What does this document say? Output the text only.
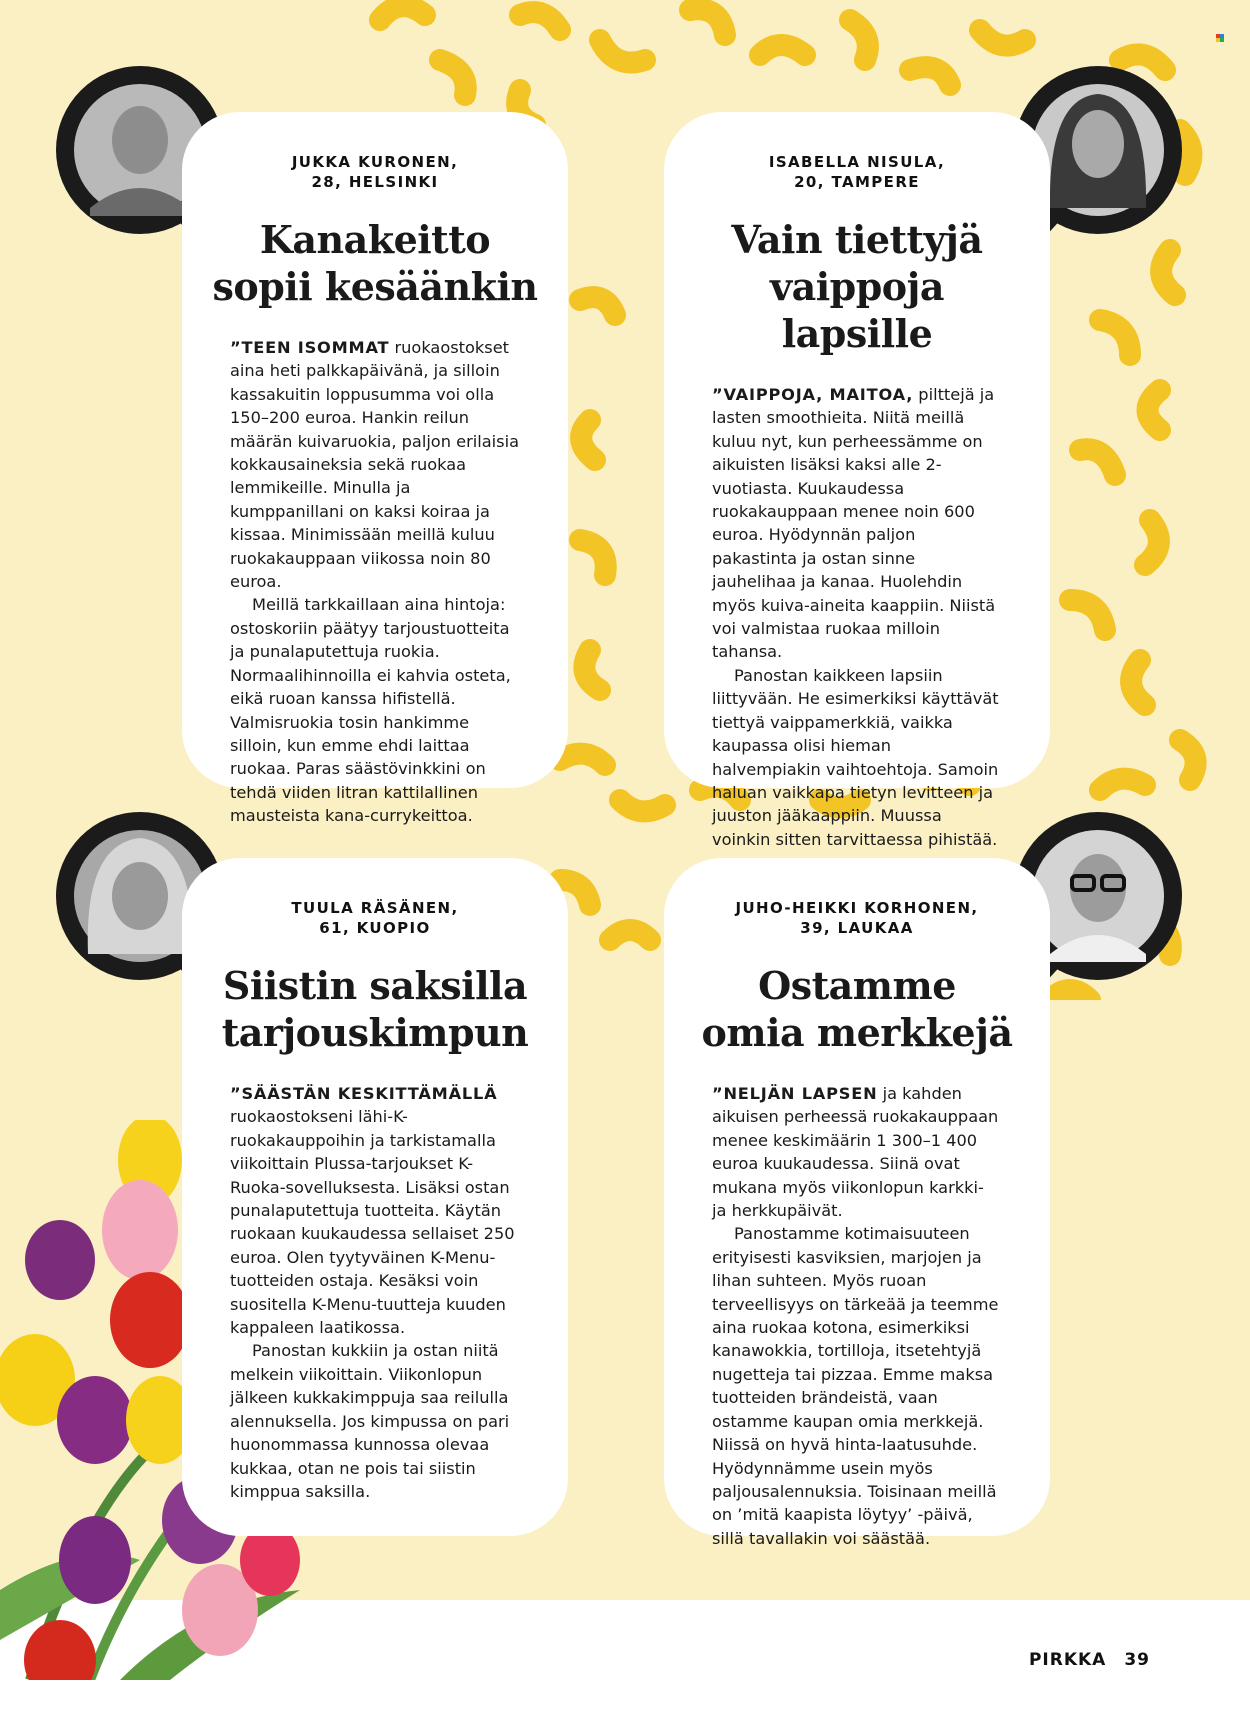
JUKKA KURONEN,
28, HELSINKI
Kanakeitto
sopii kesäänkin

”TEEN ISOMMAT ruokaostokset aina heti palkkapäivänä, ja silloin kassakuitin loppusumma voi olla 150–200 euroa. Hankin reilun määrän kuivaruokia, paljon erilaisia kokkausaineksia sekä ruokaa lemmikeille. Minulla ja kumppanillani on kaksi koiraa ja kissaa. Minimissään meillä kuluu ruokakauppaan viikossa noin 80 euroa.

Meillä tarkkaillaan aina hintoja: ostoskoriin päätyy tarjoustuotteita ja punalaputettuja ruokia. Normaalihinnoilla ei kahvia osteta, eikä ruoan kanssa hifistellä. Valmisruokia tosin hankimme silloin, kun emme ehdi laittaa ruokaa. Paras säästövinkkini on tehdä viiden litran kattilallinen mausteista kana-currykeittoa.

ISABELLA NISULA,
20, TAMPERE
Vain tiettyjä
vaippoja lapsille

”VAIPPOJA, MAITOA, pilttejä ja lasten smoothieita. Niitä meillä kuluu nyt, kun perheessämme on aikuisten lisäksi kaksi alle 2-vuotiasta. Kuukaudessa ruokakauppaan menee noin 600 euroa. Hyödynnän paljon pakastinta ja ostan sinne jauhelihaa ja kanaa. Huolehdin myös kuiva-aineita kaappiin. Niistä voi valmistaa ruokaa milloin tahansa.

Panostan kaikkeen lapsiin liittyvään. He esimerkiksi käyttävät tiettyä vaippamerkkiä, vaikka kaupassa olisi hieman halvempiakin vaihtoehtoja. Samoin haluan vaikkapa tietyn levitteen ja juuston jääkaappiin. Muussa voinkin sitten tarvittaessa pihistää.

TUULA RÄSÄNEN,
61, KUOPIO
Siistin saksilla
tarjouskimpun

”SÄÄSTÄN KESKITTÄMÄLLÄ ruokaostokseni lähi-K-ruokakauppoihin ja tarkistamalla viikoittain Plussa-tarjoukset K-Ruoka-sovelluksesta. Lisäksi ostan punalaputettuja tuotteita. Käytän ruokaan kuukaudessa sellaiset 250 euroa. Olen tyytyväinen K-Menu-tuotteiden ostaja. Kesäksi voin suositella K-Menu-tuutteja kuuden kappaleen laatikossa.

Panostan kukkiin ja ostan niitä melkein viikoittain. Viikonlopun jälkeen kukkakimppuja saa reilulla alennuksella. Jos kimpussa on pari huonommassa kunnossa olevaa kukkaa, otan ne pois tai siistin kimppua saksilla.

JUHO-HEIKKI KORHONEN,
39, LAUKAA
Ostamme
omia merkkejä

”NELJÄN LAPSEN ja kahden aikuisen perheessä ruokakauppaan menee keskimäärin 1 300–1 400 euroa kuukaudessa. Siinä ovat mukana myös viikonlopun karkki- ja herkkupäivät.

Panostamme kotimaisuuteen erityisesti kasviksien, marjojen ja lihan suhteen. Myös ruoan terveellisyys on tärkeää ja teemme aina ruokaa kotona, esimerkiksi kanawokkia, tortilloja, itsetehtyjä nugetteja tai pizzaa. Emme maksa tuotteiden brändeistä, vaan ostamme kaupan omia merkkejä. Niissä on hyvä hinta-laatusuhde. Hyödynnämme usein myös paljousalennuksia. Toisinaan meillä on ’mitä kaapista löytyy’ -päivä, sillä tavallakin voi säästää.

PIRKKA 39
